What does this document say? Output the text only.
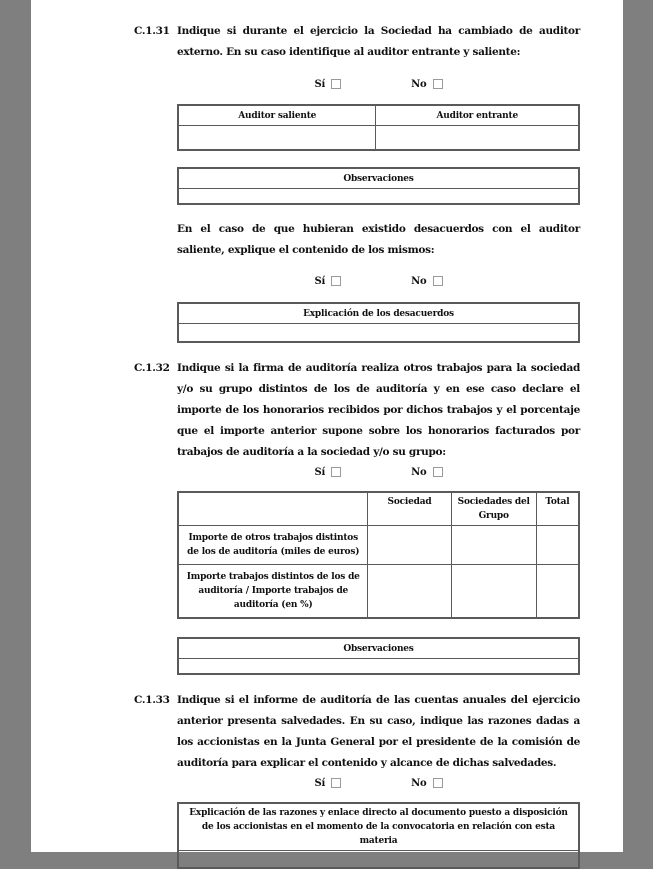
C.1.31 Indique si durante el ejercicio la Sociedad ha cambiado de auditor externo. En su caso identifique al auditor entrante y saliente:

Sí	No
Auditor saliente	Auditor entrante

Observaciones

En el caso de que hubieran existido desacuerdos con el auditor saliente, explique el contenido de los mismos:

Sí	No
Explicación de los desacuerdos

C.1.32 Indique si la firma de auditoría realiza otros trabajos para la sociedad y/o su grupo distintos de los de auditoría y en ese caso declare el importe de los honorarios recibidos por dichos trabajos y el porcentaje que el importe anterior supone sobre los honorarios facturados por trabajos de auditoría a la sociedad y/o su grupo:

Sí	No
	Sociedad	Sociedades del Grupo	Total
Importe de otros trabajos distintos de los de auditoría (miles de euros)			
Importe trabajos distintos de los de auditoría / Importe trabajos de auditoría (en %)			
Observaciones

C.1.33 Indique si el informe de auditoría de las cuentas anuales del ejercicio anterior presenta salvedades. En su caso, indique las razones dadas a los accionistas en la Junta General por el presidente de la comisión de auditoría para explicar el contenido y alcance de dichas salvedades.

Sí	No
Explicación de las razones y enlace directo al documento puesto a disposición de los accionistas en el momento de la convocatoria en relación con esta materia
